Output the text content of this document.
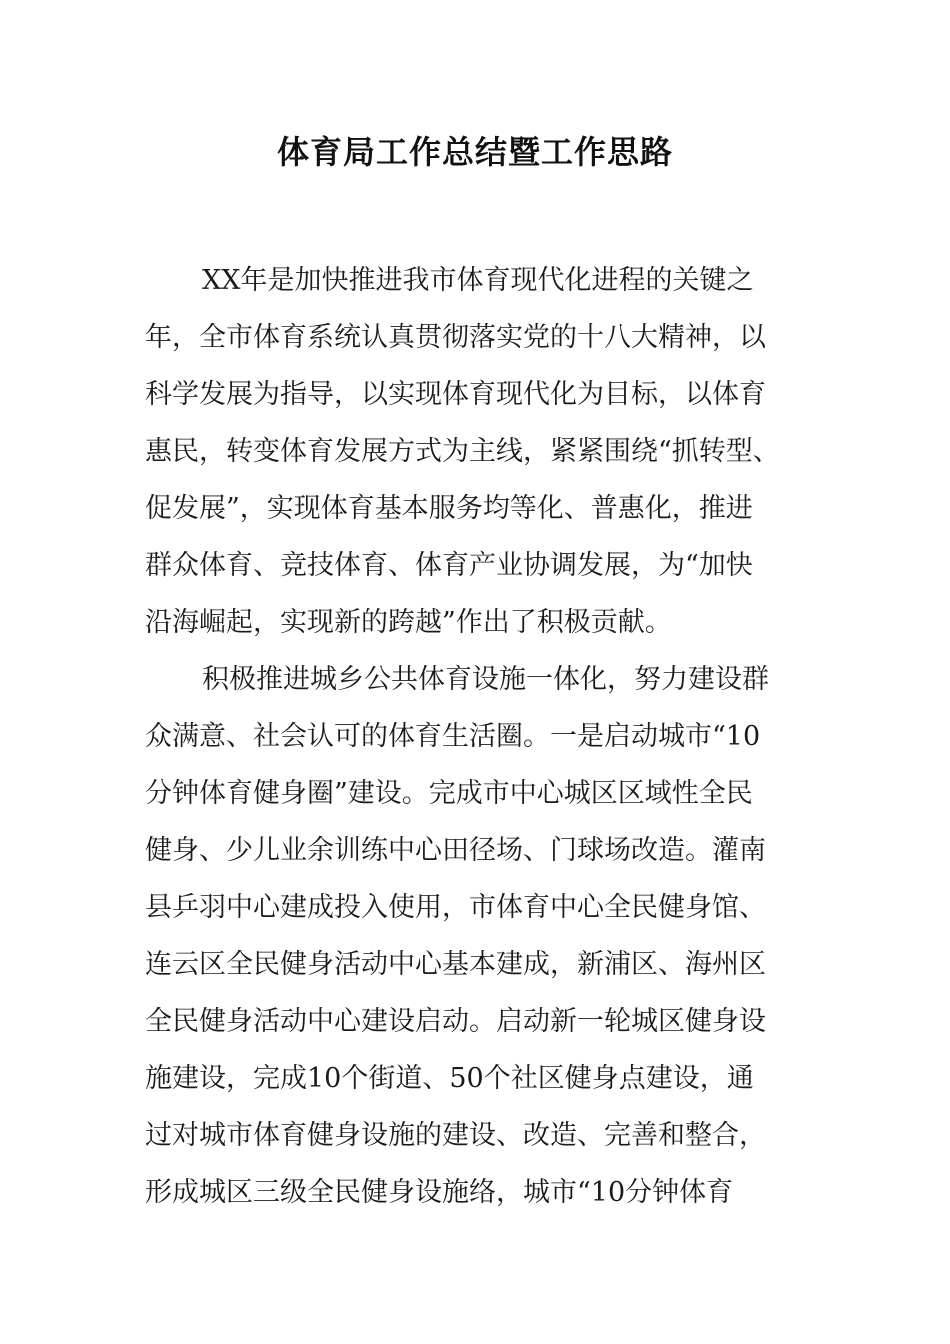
体育局工作总结暨工作思路
XX年是加快推进我市体育现代化进程的关键之
年，全市体育系统认真贯彻落实党的十八大精神，以
科学发展为指导，以实现体育现代化为目标，以体育
惠民，转变体育发展方式为主线，紧紧围绕“抓转型、
促发展”，实现体育基本服务均等化、普惠化，推进
群众体育、竞技体育、体育产业协调发展，为“加快
沿海崛起，实现新的跨越”作出了积极贡献。
积极推进城乡公共体育设施一体化，努力建设群
众满意、社会认可的体育生活圈。一是启动城市“10
分钟体育健身圈”建设。完成市中心城区区域性全民
健身、少儿业余训练中心田径场、门球场改造。灌南
县乒羽中心建成投入使用，市体育中心全民健身馆、
连云区全民健身活动中心基本建成，新浦区、海州区
全民健身活动中心建设启动。启动新一轮城区健身设
施建设，完成10个街道、50个社区健身点建设，通
过对城市体育健身设施的建设、改造、完善和整合，
形成城区三级全民健身设施络，城市“10分钟体育
